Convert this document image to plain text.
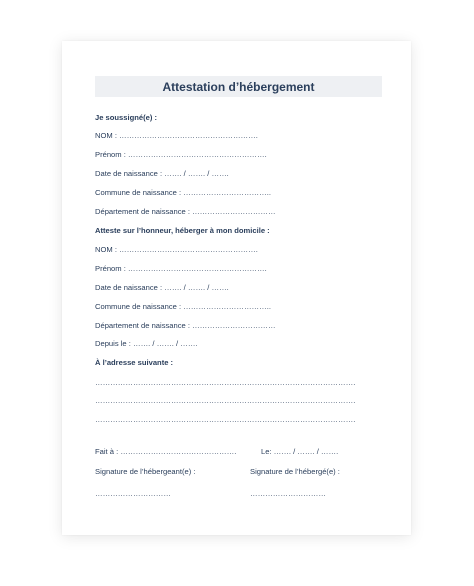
Attestation d’hébergement
Je soussigné(e) :
NOM : ……………………………………………….
Prénom : ……………………………………………….
Date de naissance : ……. / ……. / …….
Commune de naissance : ……………………………..
Département de naissance : ……………………………
Atteste sur l’honneur, héberger à mon domicile :
NOM : ……………………………………………….
Prénom : ……………………………………………….
Date de naissance : ……. / ……. / …….
Commune de naissance : ……………………………..
Département de naissance : ……………………………
Depuis le : ……. / ……. / …….
À l’adresse suivante :
………………………………………………………………………………………….
………………………………………………………………………………………….
………………………………………………………………………………………….
Fait à : ……………………………………….	Le: ……. / ……. / …….
Signature de l’hébergeant(e) :	Signature de l’hébergé(e) :
…………………………	…………………………
